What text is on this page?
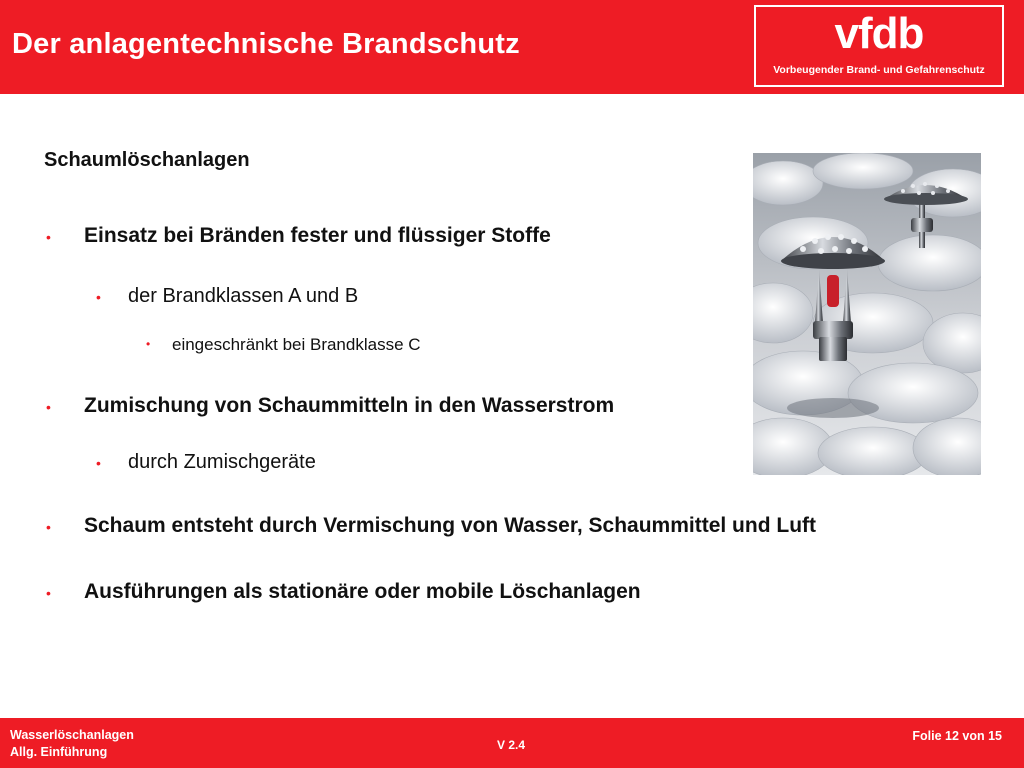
Der anlagentechnische Brandschutz	vfdb
Vorbeugender Brand- und Gefahrenschutz
Schaumlöschanlagen
• Einsatz bei Bränden fester und flüssiger Stoffe
• der Brandklassen A und B
• eingeschränkt bei Brandklasse C
• Zumischung von Schaummitteln in den Wasserstrom
• durch Zumischgeräte
• Schaum entsteht durch Vermischung von Wasser, Schaummittel und Luft
• Ausführungen als stationäre oder mobile Löschanlagen
Wasserlöschanlagen
Allg. Einführung	V 2.4
Folie 12 von 15
